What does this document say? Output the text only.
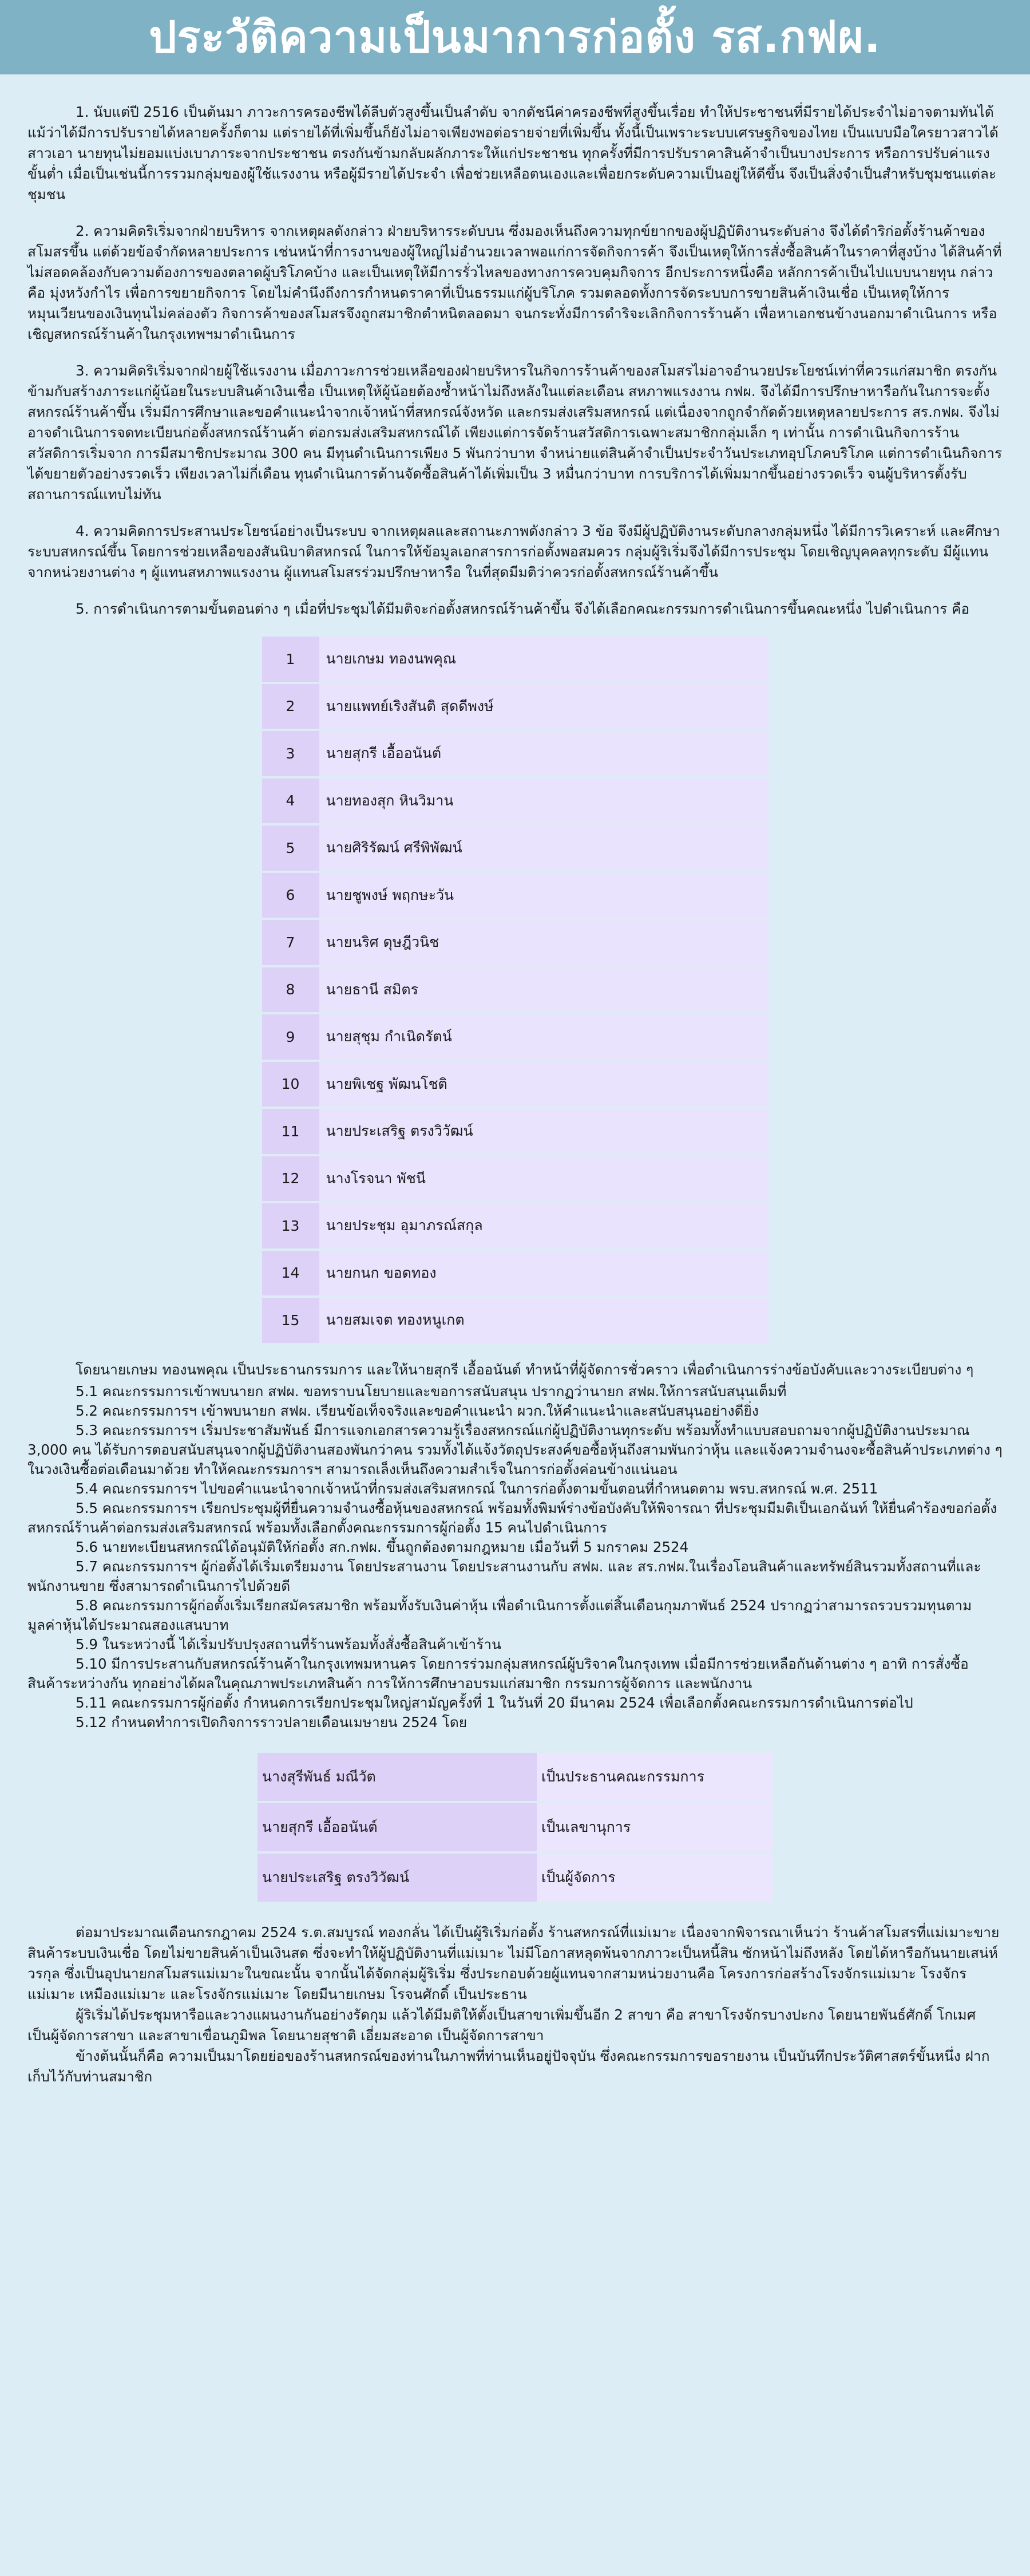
ประวัติความเป็นมาการก่อตั้ง รส.กฟผ.

1. นับแต่ปี 2516 เป็นต้นมา ภาวะการครองชีพได้ลีบตัวสูงขึ้นเป็นลำดับ จากดัชนีค่าครองชีพที่สูงขึ้นเรื่อย ทำให้ประชาชนที่มีรายได้ประจำไม่อาจตามทันได้ แม้ว่าได้มีการปรับรายได้หลายครั้งก็ตาม แต่รายได้ที่เพิ่มขึ้นก็ยังไม่อาจเพียงพอต่อรายจ่ายที่เพิ่มขึ้น ทั้งนี้เป็นเพราะระบบเศรษฐกิจของไทย เป็นแบบมือใครยาวสาวได้สาวเอา นายทุนไม่ยอมแบ่งเบาภาระจากประชาชน ตรงกันข้ามกลับผลักภาระให้แก่ประชาชน ทุกครั้งที่มีการปรับราคาสินค้าจำเป็นบางประการ หรือการปรับค่าแรงขั้นต่ำ เมื่อเป็นเช่นนี้การรวมกลุ่มของผู้ใช้แรงงาน หรือผู้มีรายได้ประจำ เพื่อช่วยเหลือตนเองและเพื่อยกระดับความเป็นอยู่ให้ดีขึ้น จึงเป็นสิ่งจำเป็นสำหรับชุมชนแต่ละชุมชน

2. ความคิดริเริ่มจากฝ่ายบริหาร จากเหตุผลดังกล่าว ฝ่ายบริหารระดับบน ซึ่งมองเห็นถึงความทุกข์ยากของผู้ปฏิบัติงานระดับล่าง จึงได้ดำริก่อตั้งร้านค้าของสโมสรขึ้น แต่ด้วยข้อจำกัดหลายประการ เช่นหน้าที่การงานของผู้ใหญ่ไม่อำนวยเวลาพอแก่การจัดกิจการค้า จึงเป็นเหตุให้การสั่งซื้อสินค้าในราคาที่สูงบ้าง ได้สินค้าที่ไม่สอดคล้องกับความต้องการของตลาดผู้บริโภคบ้าง และเป็นเหตุให้มีการรั่วไหลของทางการควบคุมกิจการ อีกประการหนึ่งคือ หลักการค้าเป็นไปแบบนายทุน กล่าวคือ มุ่งหวังกำไร เพื่อการขยายกิจการ โดยไม่คำนึงถึงการกำหนดราคาที่เป็นธรรมแก่ผู้บริโภค รวมตลอดทั้งการจัดระบบการขายสินค้าเงินเชื่อ เป็นเหตุให้การหมุนเวียนของเงินทุนไม่คล่องตัว กิจการค้าของสโมสรจึงถูกสมาชิกตำหนิตลอดมา จนกระทั่งมีการดำริจะเลิกกิจการร้านค้า เพื่อหาเอกชนข้างนอกมาดำเนินการ หรือเชิญสหกรณ์ร้านค้าในกรุงเทพฯมาดำเนินการ

3. ความคิดริเริ่มจากฝ่ายผู้ใช้แรงงาน เมื่อภาวะการช่วยเหลือของฝ่ายบริหารในกิจการร้านค้าของสโมสรไม่อาจอำนวยประโยชน์เท่าที่ควรแก่สมาชิก ตรงกันข้ามกับสร้างภาระแก่ผู้น้อยในระบบสินค้าเงินเชื่อ เป็นเหตุให้ผู้น้อยต้องซ้ำหน้าไม่ถึงหลังในแต่ละเดือน สหภาพแรงงาน กฟผ. จึงได้มีการปรึกษาหารือกันในการจะตั้งสหกรณ์ร้านค้าขึ้น เริ่มมีการศึกษาและขอคำแนะนำจากเจ้าหน้าที่สหกรณ์จังหวัด และกรมส่งเสริมสหกรณ์ แต่เนื่องจากถูกจำกัดด้วยเหตุหลายประการ สร.กฟผ. จึงไม่อาจดำเนินการจดทะเบียนก่อตั้งสหกรณ์ร้านค้า ต่อกรมส่งเสริมสหกรณ์ได้ เพียงแต่การจัดร้านสวัสดิการเฉพาะสมาชิกกลุ่มเล็ก ๆ เท่านั้น การดำเนินกิจการร้านสวัสดิการเริ่มจาก การมีสมาชิกประมาณ 300 คน มีทุนดำเนินการเพียง 5 พันกว่าบาท จำหน่ายแต่สินค้าจำเป็นประจำวันประเภทอุปโภคบริโภค แต่การดำเนินกิจการได้ขยายตัวอย่างรวดเร็ว เพียงเวลาไม่กี่เดือน ทุนดำเนินการด้านจัดซื้อสินค้าได้เพิ่มเป็น 3 หมื่นกว่าบาท การบริการได้เพิ่มมากขึ้นอย่างรวดเร็ว จนผู้บริหารตั้งรับสถานการณ์แทบไม่ทัน

4. ความคิดการประสานประโยชน์อย่างเป็นระบบ จากเหตุผลและสถานะภาพดังกล่าว 3 ข้อ จึงมีผู้ปฏิบัติงานระดับกลางกลุ่มหนึ่ง ได้มีการวิเคราะห์ และศึกษาระบบสหกรณ์ขึ้น โดยการช่วยเหลือของสันนิบาติสหกรณ์ ในการให้ข้อมูลเอกสารการก่อตั้งพอสมควร กลุ่มผู้ริเริ่มจึงได้มีการประชุม โดยเชิญบุคคลทุกระดับ มีผู้แทนจากหน่วยงานต่าง ๆ ผู้แทนสหภาพแรงงาน ผู้แทนสโมสรร่วมปรึกษาหารือ ในที่สุดมีมติว่าควรก่อตั้งสหกรณ์ร้านค้าขึ้น

5. การดำเนินการตามขั้นตอนต่าง ๆ เมื่อที่ประชุมได้มีมติจะก่อตั้งสหกรณ์ร้านค้าขึ้น จึงได้เลือกคณะกรรมการดำเนินการขึ้นคณะหนึ่ง ไปดำเนินการ คือ

1	นายเกษม ทองนพคุณ
2	นายแพทย์เริงสันติ สุดดีพงษ์
3	นายสุกรี เอื้ออนันต์
4	นายทองสุก หินวิมาน
5	นายศิริรัฒน์ ศรีพิพัฒน์
6	นายชูพงษ์ พฤกษะวัน
7	นายนริศ ดุษฎีวนิช
8	นายธานี สมิตร
9	นายสุชุม กำเนิดรัตน์
10	นายพิเชฐ พัฒนโชติ
11	นายประเสริฐ ตรงวิวัฒน์
12	นางโรจนา พัชนี
13	นายประชุม อุมาภรณ์สกุล
14	นายกนก ขอดทอง
15	นายสมเจต ทองหนูเกต

โดยนายเกษม ทองนพคุณ เป็นประธานกรรมการ และให้นายสุกรี เอื้ออนันต์ ทำหน้าที่ผู้จัดการชั่วคราว เพื่อดำเนินการร่างข้อบังคับและวางระเบียบต่าง ๆ

5.1 คณะกรรมการเข้าพบนายก สฟผ. ขอทราบนโยบายและขอการสนับสนุน ปรากฏว่านายก สฟผ.ให้การสนับสนุนเต็มที่

5.2 คณะกรรมการฯ เข้าพบนายก สฟผ. เรียนข้อเท็จจริงและขอคำแนะนำ ผวก.ให้คำแนะนำและสนับสนุนอย่างดียิ่ง

5.3 คณะกรรมการฯ เริ่มประชาสัมพันธ์ มีการแจกเอกสารความรู้เรื่องสหกรณ์แก่ผู้ปฏิบัติงานทุกระดับ พร้อมทั้งทำแบบสอบถามจากผู้ปฏิบัติงานประมาณ 3,000 คน ได้รับการตอบสนับสนุนจากผู้ปฏิบัติงานสองพันกว่าคน รวมทั้งได้แจ้งวัตถุประสงค์ขอซื้อหุ้นถึงสามพันกว่าหุ้น และแจ้งความจำนงจะซื้อสินค้าประเภทต่าง ๆ ในวงเงินซื้อต่อเดือนมาด้วย ทำให้คณะกรรมการฯ สามารถเล็งเห็นถึงความสำเร็จในการก่อตั้งค่อนข้างแน่นอน

5.4 คณะกรรมการฯ ไปขอคำแนะนำจากเจ้าหน้าที่กรมส่งเสริมสหกรณ์ ในการก่อตั้งตามขั้นตอนที่กำหนดตาม พรบ.สหกรณ์ พ.ศ. 2511

5.5 คณะกรรมการฯ เรียกประชุมผู้ที่ยื่นความจำนงซื้อหุ้นของสหกรณ์ พร้อมทั้งพิมพ์ร่างข้อบังคับให้พิจารณา ที่ประชุมมีมติเป็นเอกฉันท์ ให้ยื่นคำร้องขอก่อตั้งสหกรณ์ร้านค้าต่อกรมส่งเสริมสหกรณ์ พร้อมทั้งเลือกตั้งคณะกรรมการผู้ก่อตั้ง 15 คนไปดำเนินการ

5.6 นายทะเบียนสหกรณ์ได้อนุมัติให้ก่อตั้ง สก.กฟผ. ขึ้นถูกต้องตามกฎหมาย เมื่อวันที่ 5 มกราคม 2524

5.7 คณะกรรมการฯ ผู้ก่อตั้งได้เริ่มเตรียมงาน โดยประสานงาน โดยประสานงานกับ สฟผ. และ สร.กฟผ.ในเรื่องโอนสินค้าและทรัพย์สินรวมทั้งสถานที่และพนักงานขาย ซึ่งสามารถดำเนินการไปด้วยดี

5.8 คณะกรรมการผู้ก่อตั้งเริ่มเรียกสมัครสมาชิก พร้อมทั้งรับเงินค่าหุ้น เพื่อดำเนินการตั้งแต่สิ้นเดือนกุมภาพันธ์ 2524 ปรากฏว่าสามารถรวบรวมทุนตามมูลค่าหุ้นได้ประมาณสองแสนบาท

5.9 ในระหว่างนี้ ได้เริ่มปรับปรุงสถานที่ร้านพร้อมทั้งสั่งซื้อสินค้าเข้าร้าน

5.10 มีการประสานกับสหกรณ์ร้านค้าในกรุงเทพมหานคร โดยการร่วมกลุ่มสหกรณ์ผู้บริจาคในกรุงเทพ เมื่อมีการช่วยเหลือกันด้านต่าง ๆ อาทิ การสั่งซื้อสินค้าระหว่างกัน ทุกอย่างได้ผลในคุณภาพประเภทสินค้า การให้การศึกษาอบรมแก่สมาชิก กรรมการผู้จัดการ และพนักงาน

5.11 คณะกรรมการผู้ก่อตั้ง กำหนดการเรียกประชุมใหญ่สามัญครั้งที่ 1 ในวันที่ 20 มีนาคม 2524 เพื่อเลือกตั้งคณะกรรมการดำเนินการต่อไป

5.12 กำหนดทำการเปิดกิจการราวปลายเดือนเมษายน 2524 โดย

นางสุรีพันธ์ มณีวัต	เป็นประธานคณะกรรมการ
นายสุกรี เอื้ออนันต์	เป็นเลขานุการ
นายประเสริฐ ตรงวิวัฒน์	เป็นผู้จัดการ

ต่อมาประมาณเดือนกรกฎาคม 2524 ร.ต.สมบูรณ์ ทองกลั่น ได้เป็นผู้ริเริ่มก่อตั้ง ร้านสหกรณ์ที่แม่เมาะ เนื่องจากพิจารณาเห็นว่า ร้านค้าสโมสรที่แม่เมาะขายสินค้าระบบเงินเชื่อ โดยไม่ขายสินค้าเป็นเงินสด ซึ่งจะทำให้ผู้ปฏิบัติงานที่แม่เมาะ ไม่มีโอกาสหลุดพ้นจากภาวะเป็นหนี้สิน ซักหน้าไม่ถึงหลัง โดยได้หารือกันนายเสน่ห์ วรกุล ซึ่งเป็นอุปนายกสโมสรแม่เมาะในขณะนั้น จากนั้นได้จัดกลุ่มผู้ริเริ่ม ซึ่งประกอบด้วยผู้แทนจากสามหน่วยงานคือ โครงการก่อสร้างโรงจักรแม่เมาะ โรงจักรแม่เมาะ เหมืองแม่เมาะ และโรงจักรแม่เมาะ โดยมีนายเกษม โรจนศักดิ์ เป็นประธาน

ผู้ริเริ่มได้ประชุมหารือและวางแผนงานกันอย่างรัดกุม แล้วได้มีมติให้ตั้งเป็นสาขาเพิ่มขึ้นอีก 2 สาขา คือ สาขาโรงจักรบางปะกง โดยนายพันธ์ศักดิ์ โกเมศ เป็นผู้จัดการสาขา และสาขาเขื่อนภูมิพล โดยนายสุชาติ เอี่ยมสะอาด เป็นผู้จัดการสาขา

ข้างต้นนั้นก็คือ ความเป็นมาโดยย่อของร้านสหกรณ์ของท่านในภาพที่ท่านเห็นอยู่ปัจจุบัน ซึ่งคณะกรรมการขอรายงาน เป็นบันทึกประวัติศาสตร์ขั้นหนึ่ง ฝากเก็บไว้กับท่านสมาชิก
